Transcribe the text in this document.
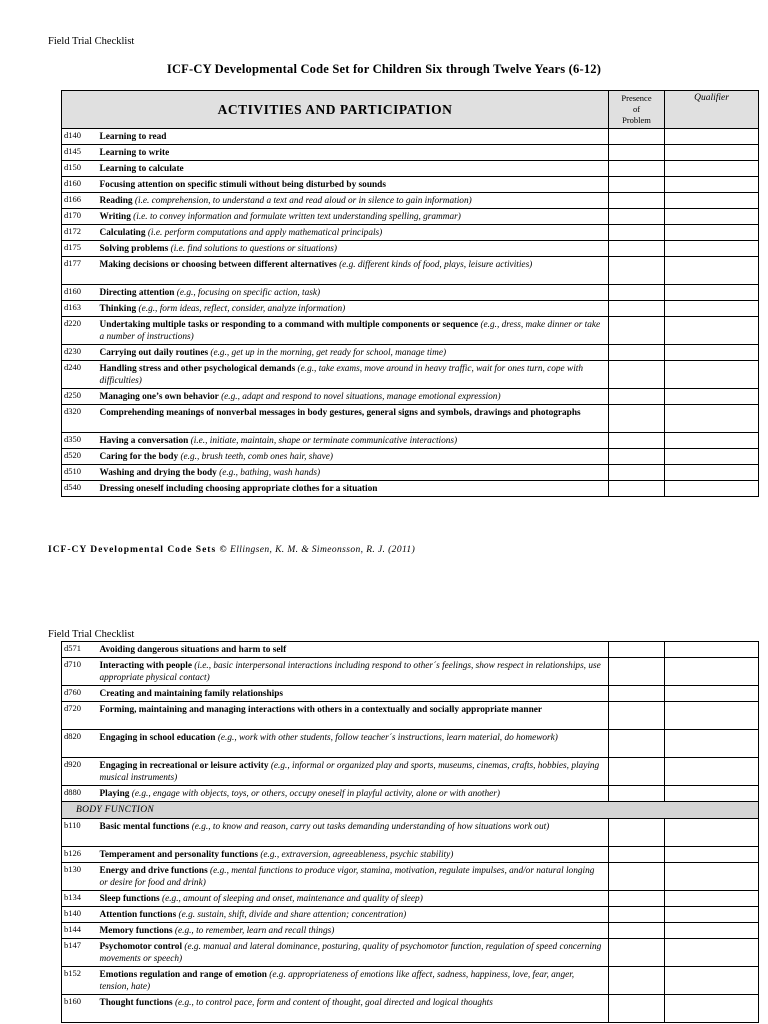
Field Trial Checklist
ICF-CY Developmental Code Set for Children Six through Twelve Years (6-12)
ACTIVITIES AND PARTICIPATION		Presence
of
Problem	Qualifier
d140	Learning to read		
d145	Learning to write		
d150	Learning to calculate		
d160	Focusing attention on specific stimuli without being disturbed by sounds		
d166	Reading (i.e. comprehension, to understand a text and read aloud or in silence to gain information)		
d170	Writing (i.e. to convey information and formulate written text understanding spelling, grammar)		
d172	Calculating (i.e. perform computations and apply mathematical principals)		
d175	Solving problems (i.e. find solutions to questions or situations)		
d177	Making decisions or choosing between different alternatives (e.g. different kinds of food, plays, leisure activities)		
d160	Directing attention (e.g., focusing on specific action, task)		
d163	Thinking (e.g., form ideas, reflect, consider, analyze information)		
d220	Undertaking multiple tasks or responding to a command with multiple components or sequence (e.g., dress, make dinner or take a number of instructions)		
d230	Carrying out daily routines (e.g., get up in the morning, get ready for school, manage time)		
d240	Handling stress and other psychological demands (e.g., take exams, move around in heavy traffic, wait for ones turn, cope with difficulties)		
d250	Managing one’s own behavior (e.g., adapt and respond to novel situations, manage emotional expression)		
d320	Comprehending meanings of nonverbal messages in body gestures, general signs and symbols, drawings and photographs		
d350	Having a conversation (i.e., initiate, maintain, shape or terminate communicative interactions)		
d520	Caring for the body (e.g., brush teeth, comb ones hair, shave)		
d510	Washing and drying the body (e.g., bathing, wash hands)		
d540	Dressing oneself including choosing appropriate clothes for a situation		
ICF-CY Developmental Code Sets © Ellingsen, K. M. & Simeonsson, R. J. (2011)
Field Trial Checklist
d571	Avoiding dangerous situations and harm to self		
d710	Interacting with people (i.e., basic interpersonal interactions including respond to other´s feelings, show respect in relationships, use appropriate physical contact)		
d760	Creating and maintaining family relationships		
d720	Forming, maintaining and managing interactions with others in a contextually and socially appropriate manner		
d820	Engaging in school education (e.g., work with other students, follow teacher´s instructions, learn material, do homework)		
d920	Engaging in recreational or leisure activity (e.g., informal or organized play and sports, museums, cinemas, crafts, hobbies, playing musical instruments)		
d880	Playing (e.g., engage with objects, toys, or others, occupy oneself in playful activity, alone or with another)		
BODY FUNCTION			
b110	Basic mental functions (e.g., to know and reason, carry out tasks demanding understanding of how situations work out)		
b126	Temperament and personality functions (e.g., extraversion, agreeableness, psychic stability)		
b130	Energy and drive functions (e.g., mental functions to produce vigor, stamina, motivation, regulate impulses, and/or natural longing or desire for food and drink)		
b134	Sleep functions (e.g., amount of sleeping and onset, maintenance and quality of sleep)		
b140	Attention functions (e.g. sustain, shift, divide and share attention; concentration)		
b144	Memory functions (e.g., to remember, learn and recall things)		
b147	Psychomotor control (e.g. manual and lateral dominance, posturing, quality of psychomotor function, regulation of speed concerning movements or speech)		
b152	Emotions regulation and range of emotion (e.g. appropriateness of emotions like affect, sadness, happiness, love, fear, anger, tension, hate)		
b160	Thought functions (e.g., to control pace, form and content of thought, goal directed and logical thoughts		
